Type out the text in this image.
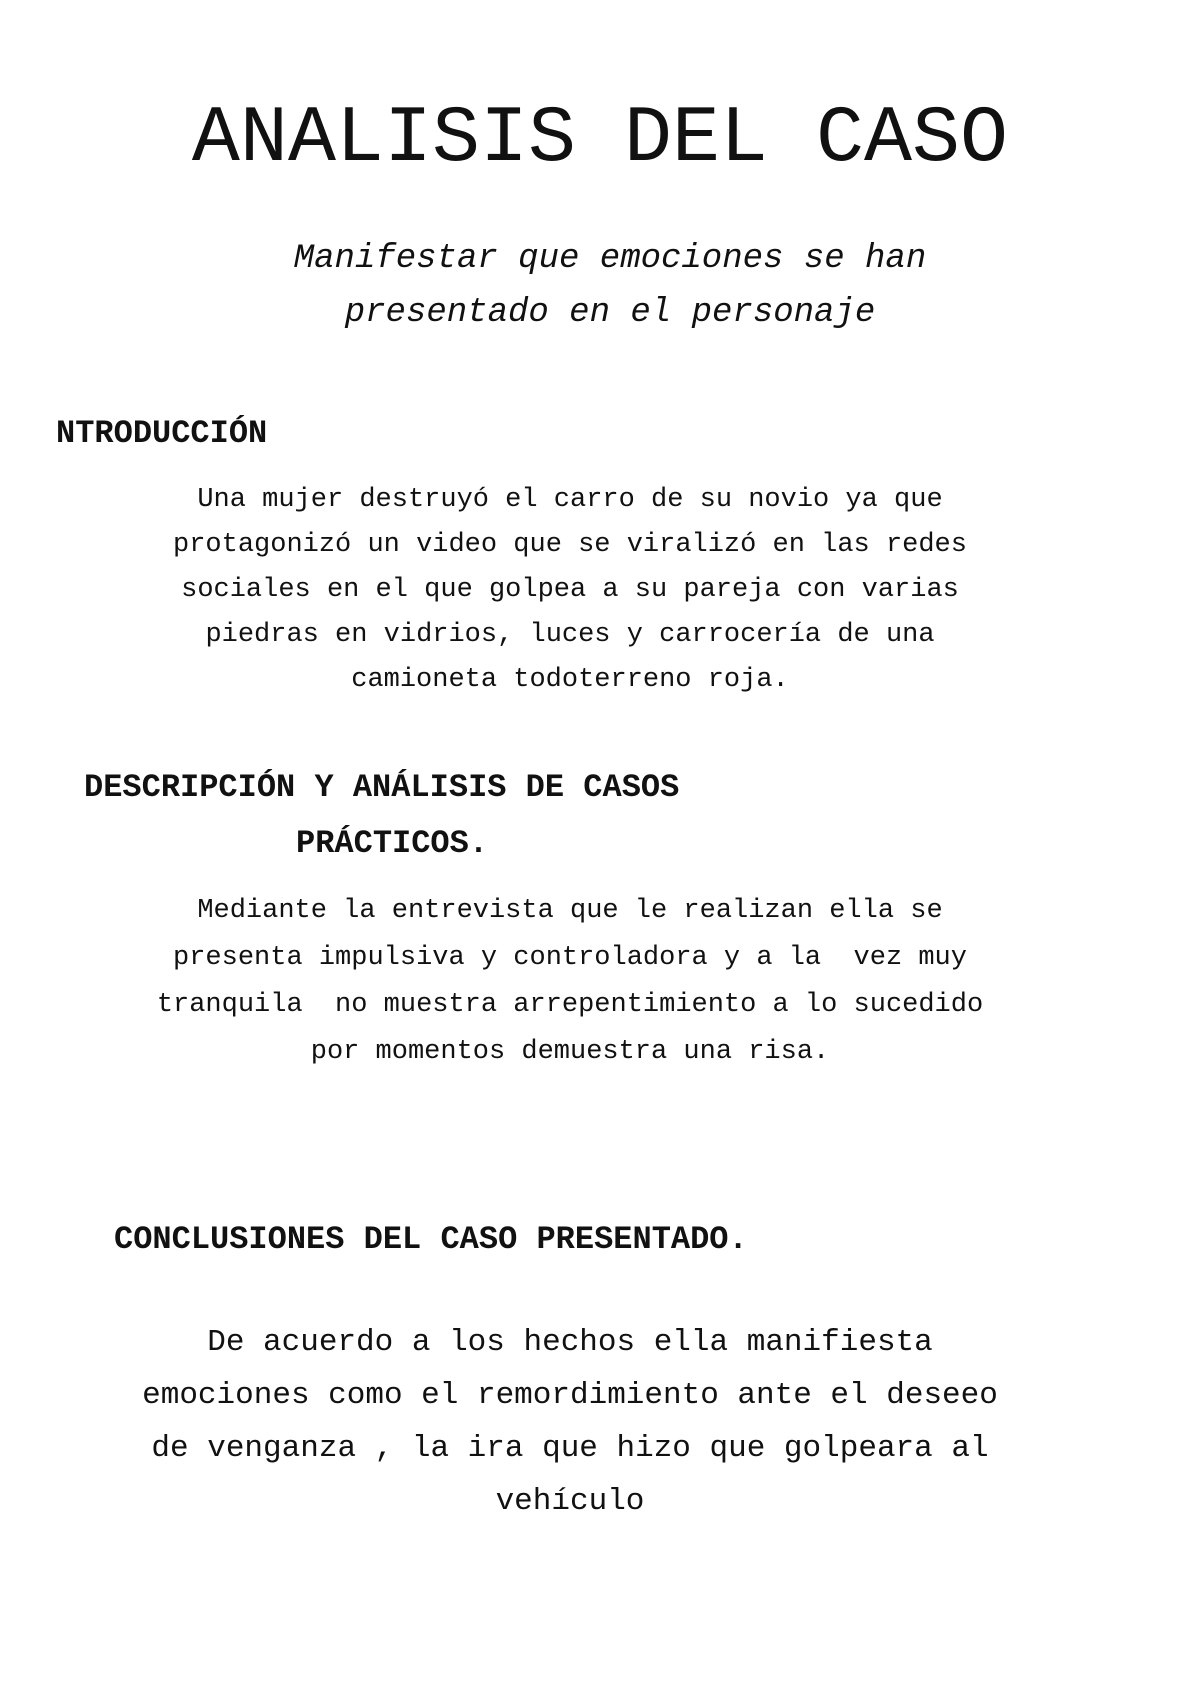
ANALISIS DEL CASO

Manifestar que emociones se han
presentado en el personaje

NTRODUCCIÓN

Una mujer destruyó el carro de su novio ya que
protagonizó un video que se viralizó en las redes
sociales en el que golpea a su pareja con varias
piedras en vidrios, luces y carrocería de una
camioneta todoterreno roja.

DESCRIPCIÓN Y ANÁLISIS DE CASOS
PRÁCTICOS.

Mediante la entrevista que le realizan ella se
presenta impulsiva y controladora y a la  vez muy
tranquila  no muestra arrepentimiento a lo sucedido
por momentos demuestra una risa.

CONCLUSIONES DEL CASO PRESENTADO.

De acuerdo a los hechos ella manifiesta
emociones como el remordimiento ante el deseeo
de venganza , la ira que hizo que golpeara al
vehículo
